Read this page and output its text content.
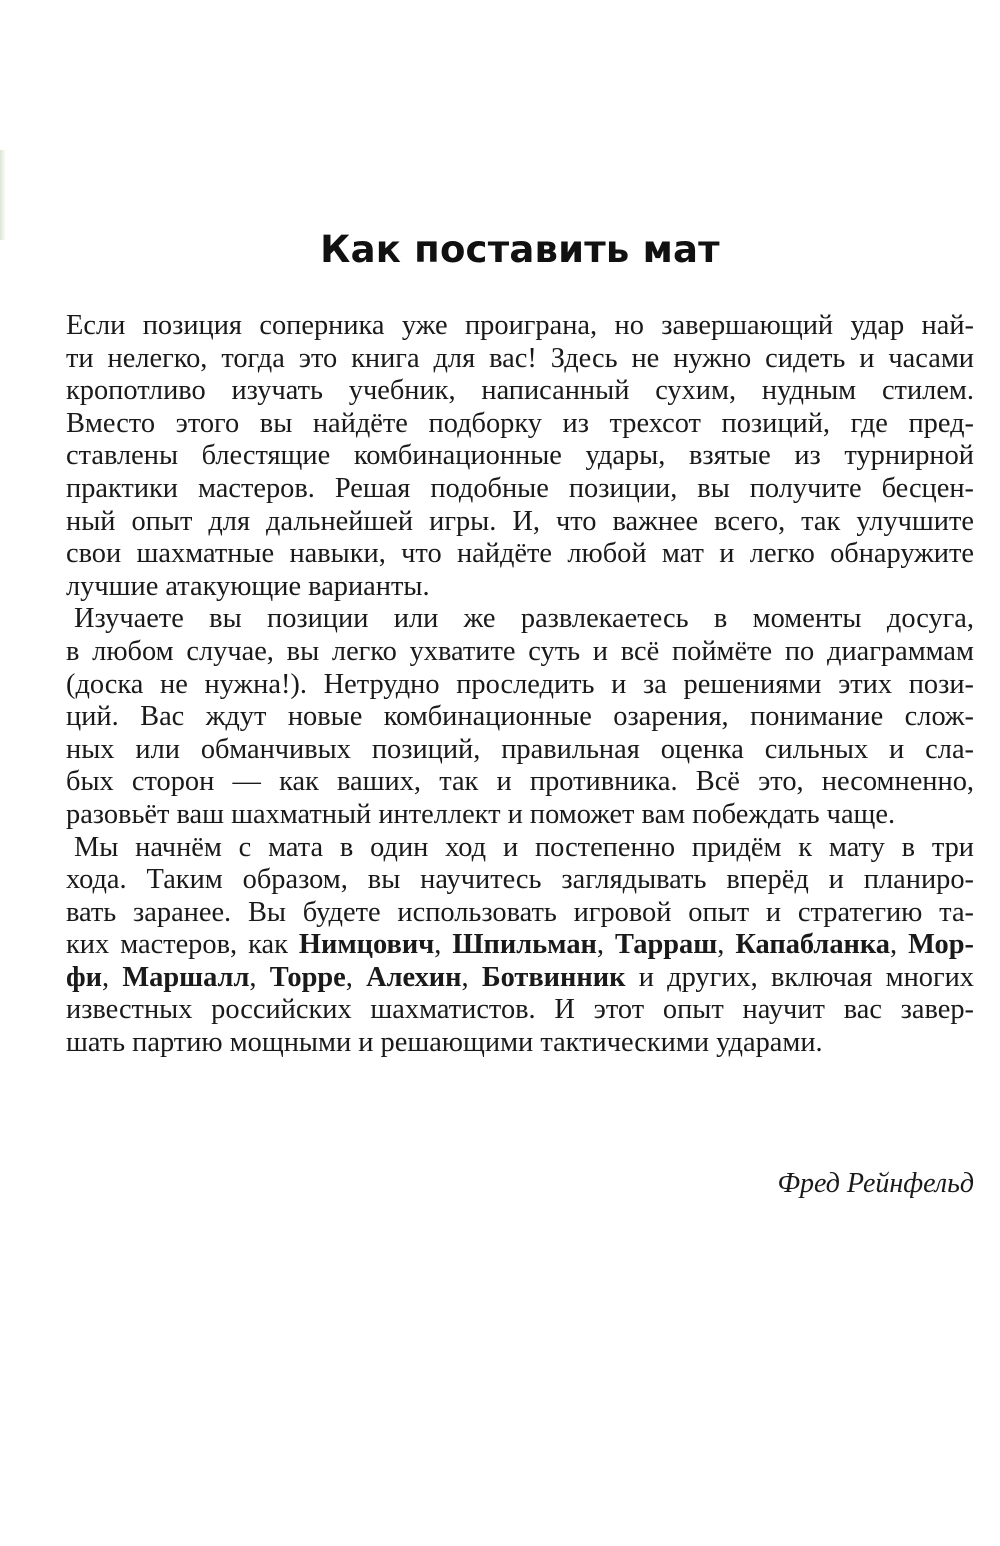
Как поставить мат

Если позиция соперника уже проиграна, но завершающий удар най-
ти нелегко, тогда это книга для вас! Здесь не нужно сидеть и часами
кропотливо изучать учебник, написанный сухим, нудным стилем.
Вместо этого вы найдёте подборку из трехсот позиций, где пред-
ставлены блестящие комбинационные удары, взятые из турнирной
практики мастеров. Решая подобные позиции, вы получите бесцен-
ный опыт для дальнейшей игры. И, что важнее всего, так улучшите
свои шахматные навыки, что найдёте любой мат и легко обнаружите
лучшие атакующие варианты.

Изучаете вы позиции или же развлекаетесь в моменты досуга,
в любом случае, вы легко ухватите суть и всё поймёте по диаграммам
(доска не нужна!). Нетрудно проследить и за решениями этих пози-
ций. Вас ждут новые комбинационные озарения, понимание слож-
ных или обманчивых позиций, правильная оценка сильных и сла-
бых сторон — как ваших, так и противника. Всё это, несомненно,
разовьёт ваш шахматный интеллект и поможет вам побеждать чаще.

Мы начнём с мата в один ход и постепенно придём к мату в три
хода. Таким образом, вы научитесь заглядывать вперёд и планиро-
вать заранее. Вы будете использовать игровой опыт и стратегию та-
ких мастеров, как Нимцович, Шпильман, Тарраш, Капабланка, Мор-
фи, Маршалл, Торре, Алехин, Ботвинник и других, включая многих
известных российских шахматистов. И этот опыт научит вас завер-
шать партию мощными и решающими тактическими ударами.

Фред Рейнфельд
